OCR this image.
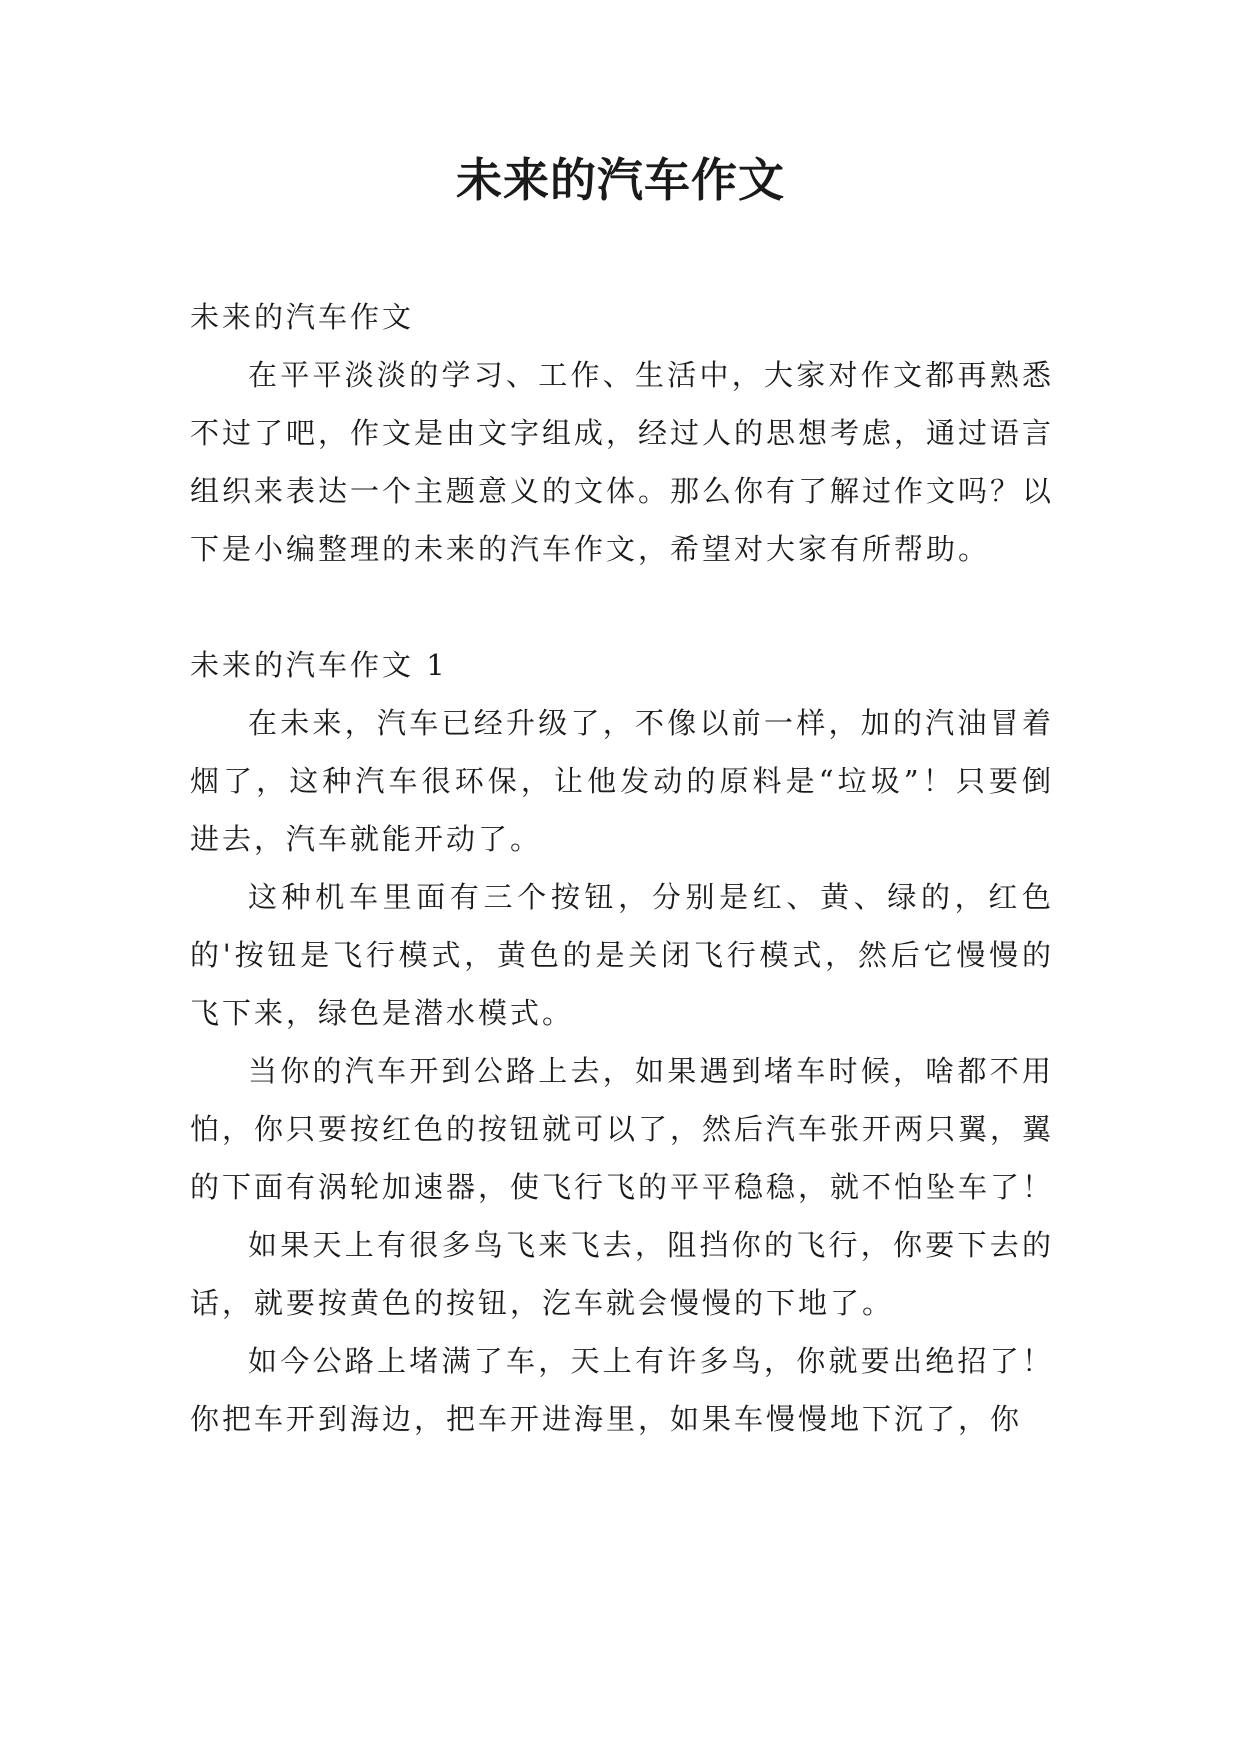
未来的汽车作文

未来的汽车作文

在平平淡淡的学习、工作、生活中，大家对作文都再熟悉不过了吧，作文是由文字组成，经过人的思想考虑，通过语言组织来表达一个主题意义的文体。那么你有了解过作文吗？以下是小编整理的未来的汽车作文，希望对大家有所帮助。

未来的汽车作文 1

在未来，汽车已经升级了，不像以前一样，加的汽油冒着烟了，这种汽车很环保，让他发动的原料是“垃圾”！只要倒进去，汽车就能开动了。

这种机车里面有三个按钮，分别是红、黄、绿的，红色的'按钮是飞行模式，黄色的是关闭飞行模式，然后它慢慢的飞下来，绿色是潜水模式。

当你的汽车开到公路上去，如果遇到堵车时候，啥都不用怕，你只要按红色的按钮就可以了，然后汽车张开两只翼，翼的下面有涡轮加速器，使飞行飞的平平稳稳，就不怕坠车了！

如果天上有很多鸟飞来飞去，阻挡你的飞行，你要下去的话，就要按黄色的按钮，汔车就会慢慢的下地了。

如今公路上堵满了车，天上有许多鸟，你就要出绝招了！你把车开到海边，把车开进海里，如果车慢慢地下沉了，你
